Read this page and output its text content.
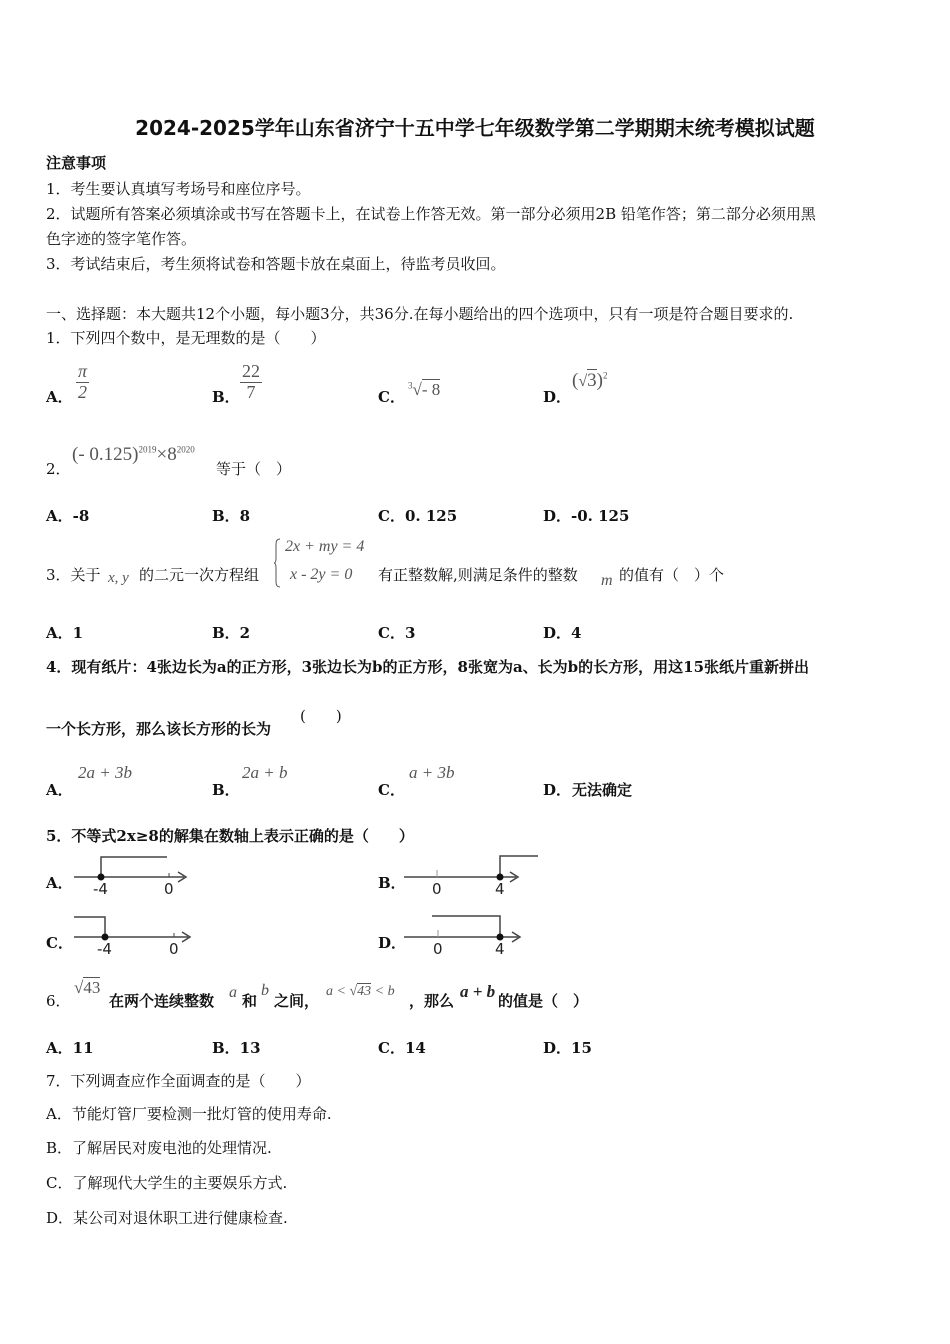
2024-2025学年山东省济宁十五中学七年级数学第二学期期末统考模拟试题
注意事项
1．考生要认真填写考场号和座位序号。
2．试题所有答案必须填涂或书写在答题卡上，在试卷上作答无效。第一部分必须用2B 铅笔作答；第二部分必须用黑
色字迹的签字笔作答。
3．考试结束后，考生须将试卷和答题卡放在桌面上，待监考员收回。
一、选择题：本大题共12个小题，每小题3分，共36分.在每小题给出的四个选项中，只有一项是符合题目要求的.
1．下列四个数中，是无理数的是（　　）
A． $\frac{\pi}{2}$	B． $\frac{22}{7}$	C．
$^3$√- 8	D．
$(√3)^2$
2．
(- $0.125)^{2019}\times 8^{2020}$
等于（　）
A．-8	B．8	C．0. 125	D．-0. 125
3．关于 x, y 的二元一次方程组
2x + my = 4
x - 2y = 0 有正整数解,则满足条件的整数 m 的值有（　）个
A．1	B．2	C．3	D．4
4．现有纸片：4张边长为a的正方形，3张边长为b的正方形，8张宽为a、长为b的长方形，用这15张纸片重新拼出
一个长方形，那么该长方形的长为
(　　)
A．
2a + 3b
B．
2a + b
C．
a + 3b
D． 无法确定
5．不等式2x≥8的解集在数轴上表示正确的是（　　）
A． -4	0	B． 0	4
C． -4	0	D． 0	4
6．
√43
在两个连续整数 a 和
b
之间，
a < √43 < b
，那么 a + b 的值是（　）
A．11	B．13	C．14	D．15
7．下列调查应作全面调查的是（　　）
A．节能灯管厂要检测一批灯管的使用寿命.
B．了解居民对废电池的处理情况.
C．了解现代大学生的主要娱乐方式.
D．某公司对退休职工进行健康检查.
